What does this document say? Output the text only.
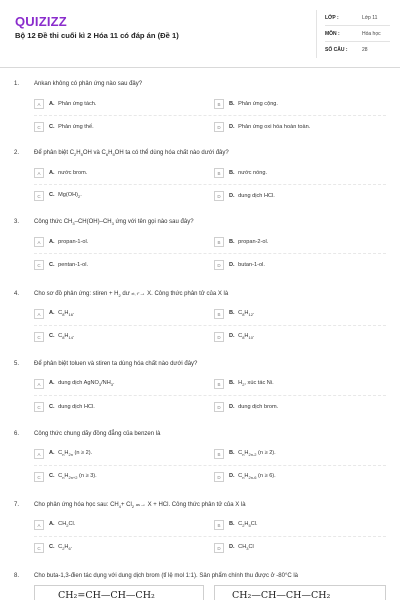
QUIZIZZ
Bộ 12 Đề thi cuối kì 2 Hóa 11 có đáp án (Đề 1)
LỚP :	Lớp 11
MÔN :	Hóa học
SỐ CÂU :	28
1. Ankan không có phản ứng nào sau đây?
A	A. Phản ứng tách.	B	B. Phản ứng cộng.
C	C. Phản ứng thế.	D	D. Phản ứng oxi hóa hoàn toàn.
2. Để phân biệt $C_2H_5OH$ và $C_6H_5OH$ ta có thể dùng hóa chất nào dưới đây?
A	A. nước brom.	B	B. nước nóng.
C	C. $Mg(OH)_2$.	D	D. dung dịch HCl.
3. Công thức $CH_3-CH(OH)-CH_3$ ứng với tên gọi nào sau đây?
A	A. propan-1-ol.	B	B. propan-2-ol.
C	C. pentan-1-ol.	D	D. butan-1-ol.
4. Cho sơ đồ phản ứng: stiren + $H_2$ dư xt, t°→ X. Công thức phân tử của X là
A	A. $C_8H_{16}$.	B	B. $C_8H_{12}$.
C	C. $C_8H_{14}$.	D	D. $C_8H_{10}$.
5. Để phân biệt toluen và stiren ta dùng hóa chất nào dưới đây?
A	A. dung dịch $AgNO_3/NH_3$.	B	B. $H_2$, xúc tác Ni.
C	C. dung dịch HCl.	D	D. dung dịch brom.
6. Công thức chung dãy đồng đẳng của benzen là
A	A. $C_nH_{2n}$ (n ≥ 2).	B	B. $C_nH_{2n-2}$ (n ≥ 2).
C	C. $C_nH_{2n+2}$ (n ≥ 3).	D	D. $C_nH_{2n-6}$ (n ≥ 6).
7. Cho phản ứng hóa học sau: $CH_4+ Cl_2$ as→ X + HCl. Công thức phân tử của X là
A	A. $CH_2Cl$.	B	B. $C_2H_5Cl$.
C	C. $C_2H_6$.	D	D. $CH_3Cl$
8. Cho buta-1,3-đien tác dụng với dung dịch brom (tỉ lệ mol 1:1). Sản phẩm chính thu được ở -80°C là
CH₂=CH—CH—CH₂	CH₂—CH—CH—CH₂
